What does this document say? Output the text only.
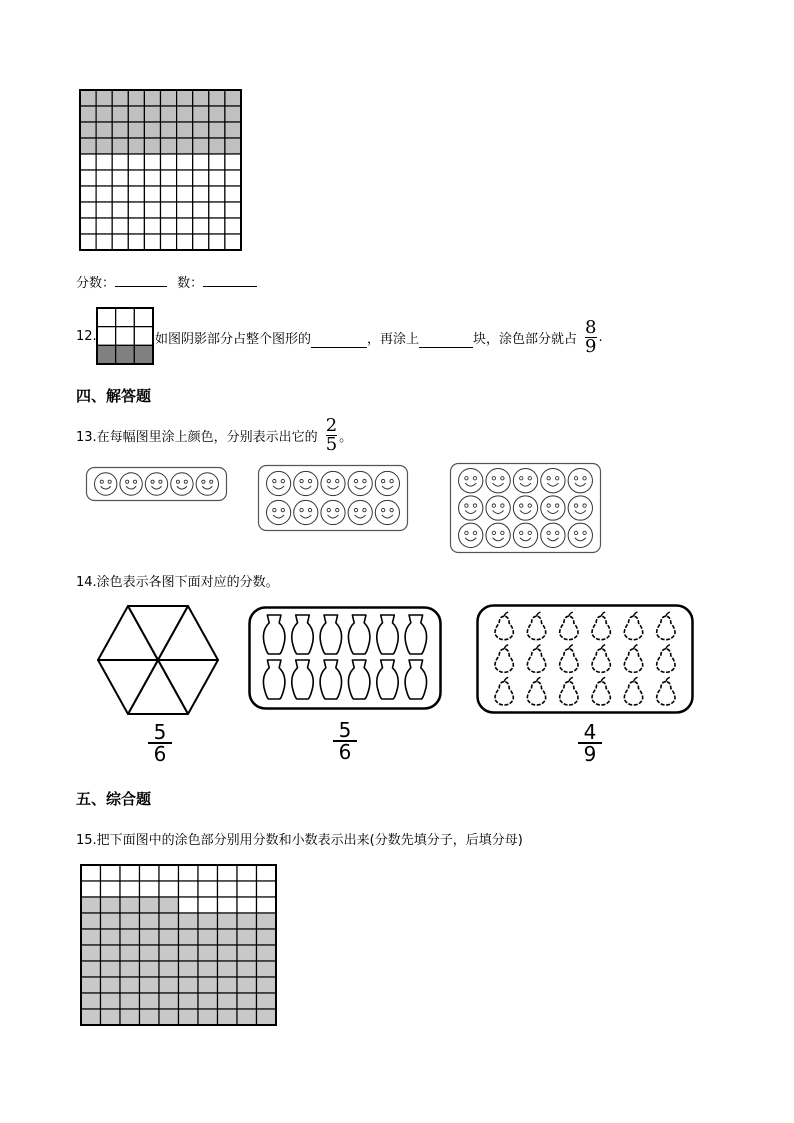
分数：	数：
12.	如图阴影部分占整个图形的	，再涂上	块，涂色部分就占 $\frac{8}{9}$ .
四、解答题
13.在每幅图里涂上颜色，分别表示出它的 $\frac{2}{5}$ 。
14.涂色表示各图下面对应的分数。
5
6
5
6
4
9
五、综合题
15.把下面图中的涂色部分别用分数和小数表示出来(分数先填分子，后填分母)
